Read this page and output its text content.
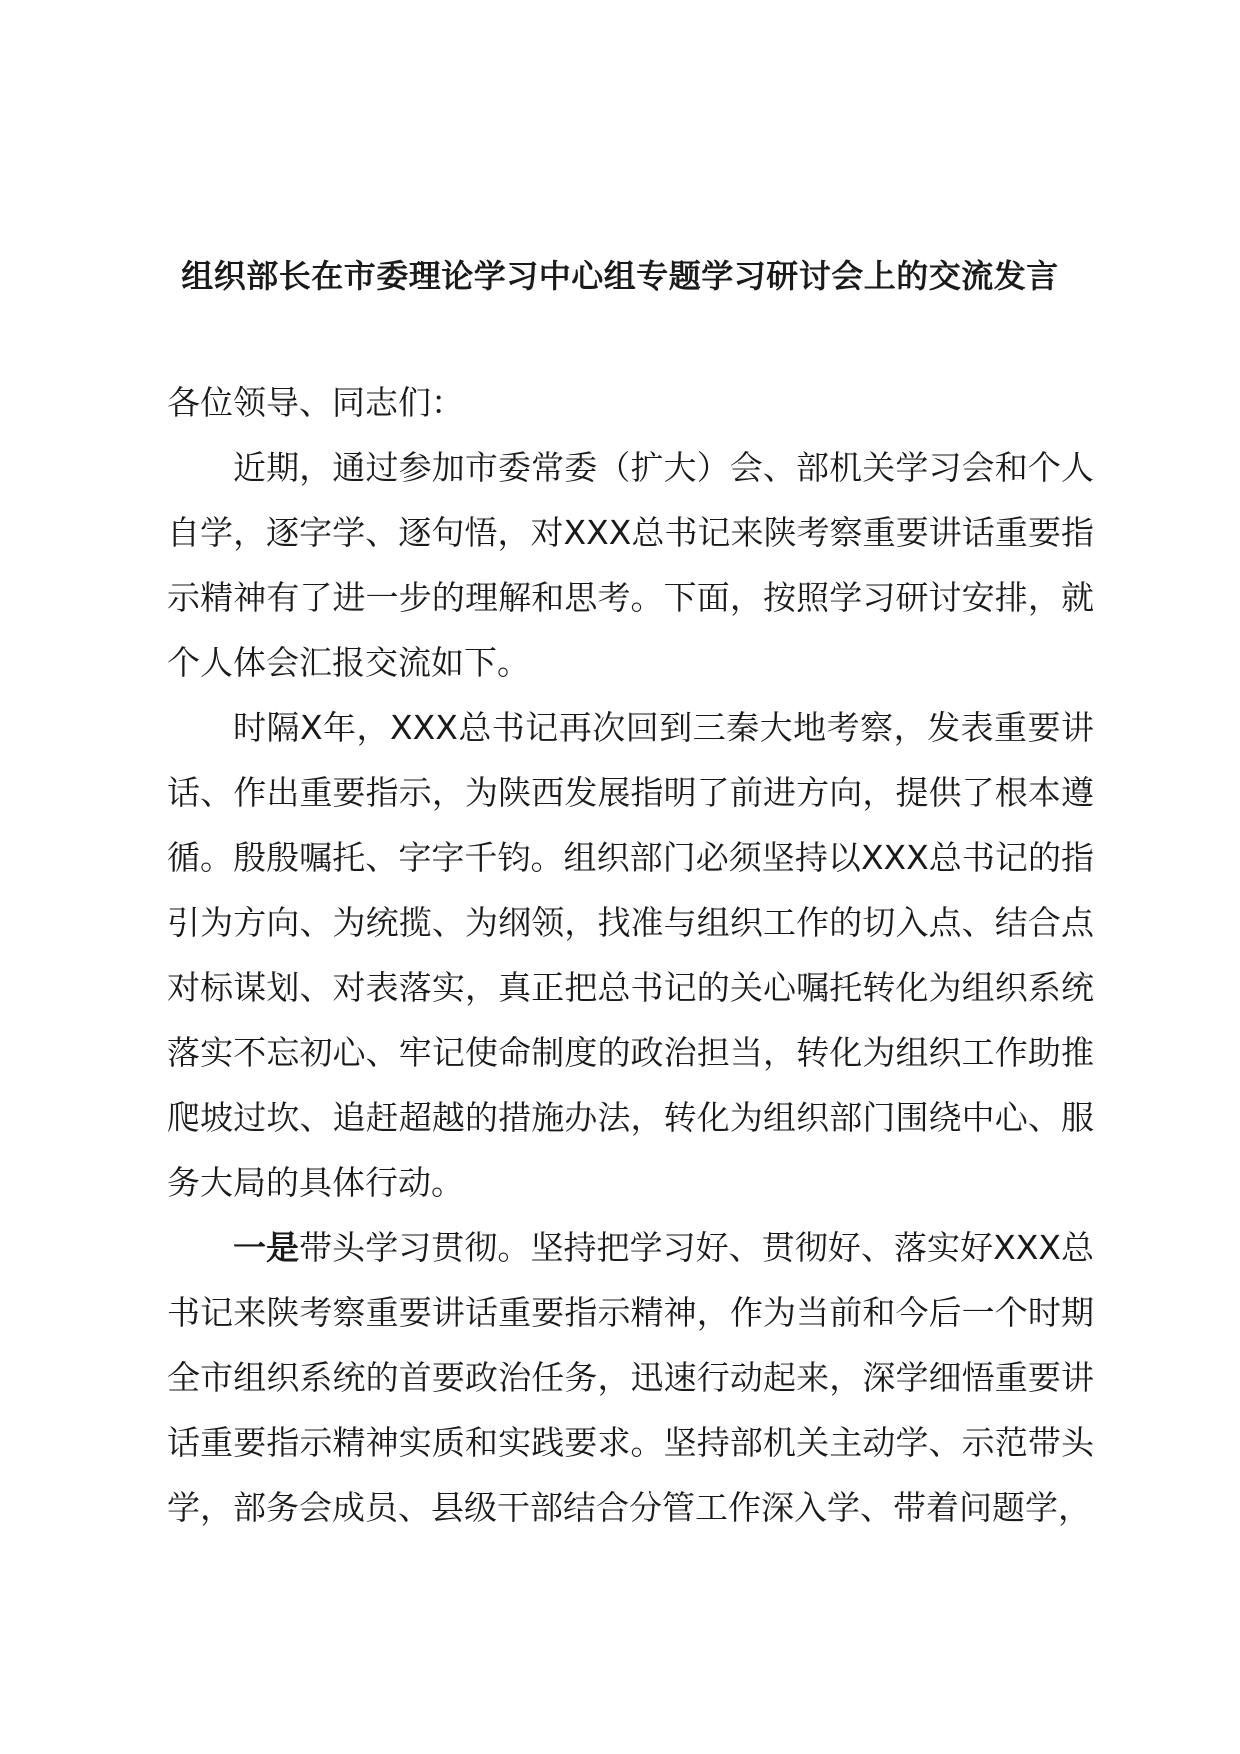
组织部长在市委理论学习中心组专题学习研讨会上的交流发言

各位领导、同志们：

近期，通过参加市委常委（扩大）会、部机关学习会和个人自学，逐字学、逐句悟，对XXX总书记来陕考察重要讲话重要指示精神有了进一步的理解和思考。下面，按照学习研讨安排，就个人体会汇报交流如下。

时隔X年，XXX总书记再次回到三秦大地考察，发表重要讲话、作出重要指示，为陕西发展指明了前进方向，提供了根本遵循。殷殷嘱托、字字千钧。组织部门必须坚持以XXX总书记的指引为方向、为统揽、为纲领，找准与组织工作的切入点、结合点对标谋划、对表落实，真正把总书记的关心嘱托转化为组织系统落实不忘初心、牢记使命制度的政治担当，转化为组织工作助推爬坡过坎、追赶超越的措施办法，转化为组织部门围绕中心、服务大局的具体行动。

一是带头学习贯彻。坚持把学习好、贯彻好、落实好XXX总书记来陕考察重要讲话重要指示精神，作为当前和今后一个时期全市组织系统的首要政治任务，迅速行动起来，深学细悟重要讲话重要指示精神实质和实践要求。坚持部机关主动学、示范带头学，部务会成员、县级干部结合分管工作深入学、带着问题学，
